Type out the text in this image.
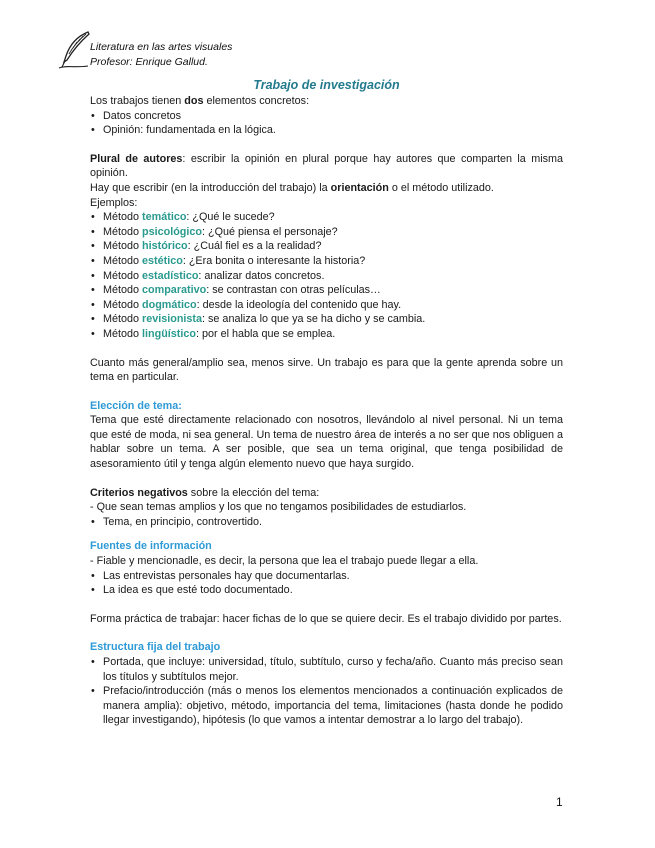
Literatura en las artes visuales
Profesor: Enrique Gallud.
Trabajo de investigación

Los trabajos tienen dos elementos concretos:

• Datos concretos
• Opinión: fundamentada en la lógica.

Plural de autores: escribir la opinión en plural porque hay autores que comparten la misma opinión.

Hay que escribir (en la introducción del trabajo) la orientación o el método utilizado.

Ejemplos:

• Método temático: ¿Qué le sucede?
• Método psicológico: ¿Qué piensa el personaje?
• Método histórico: ¿Cuál fiel es a la realidad?
• Método estético: ¿Era bonita o interesante la historia?
• Método estadístico: analizar datos concretos.
• Método comparativo: se contrastan con otras películas…
• Método dogmático: desde la ideología del contenido que hay.
• Método revisionista: se analiza lo que ya se ha dicho y se cambia.
• Método lingüístico: por el habla que se emplea.

Cuanto más general/amplio sea, menos sirve. Un trabajo es para que la gente aprenda sobre un tema en particular.

Elección de tema:

Tema que esté directamente relacionado con nosotros, llevándolo al nivel personal. Ni un tema que esté de moda, ni sea general. Un tema de nuestro área de interés a no ser que nos obliguen a hablar sobre un tema. A ser posible, que sea un tema original, que tenga posibilidad de asesoramiento útil y tenga algún elemento nuevo que haya surgido.

Criterios negativos sobre la elección del tema:

- Que sean temas amplios y los que no tengamos posibilidades de estudiarlos.

• Tema, en principio, controvertido.

Fuentes de información

- Fiable y mencionadle, es decir, la persona que lea el trabajo puede llegar a ella.

• Las entrevistas personales hay que documentarlas.
• La idea es que esté todo documentado.

Forma práctica de trabajar: hacer fichas de lo que se quiere decir. Es el trabajo dividido por partes.

Estructura fija del trabajo

• Portada, que incluye: universidad, título, subtítulo, curso y fecha/año. Cuanto más preciso sean los títulos y subtítulos mejor.
• Prefacio/introducción (más o menos los elementos mencionados a continuación explicados de manera amplia): objetivo, método, importancia del tema, limitaciones (hasta donde he podido llegar investigando), hipótesis (lo que vamos a intentar demostrar a lo largo del trabajo).
1
